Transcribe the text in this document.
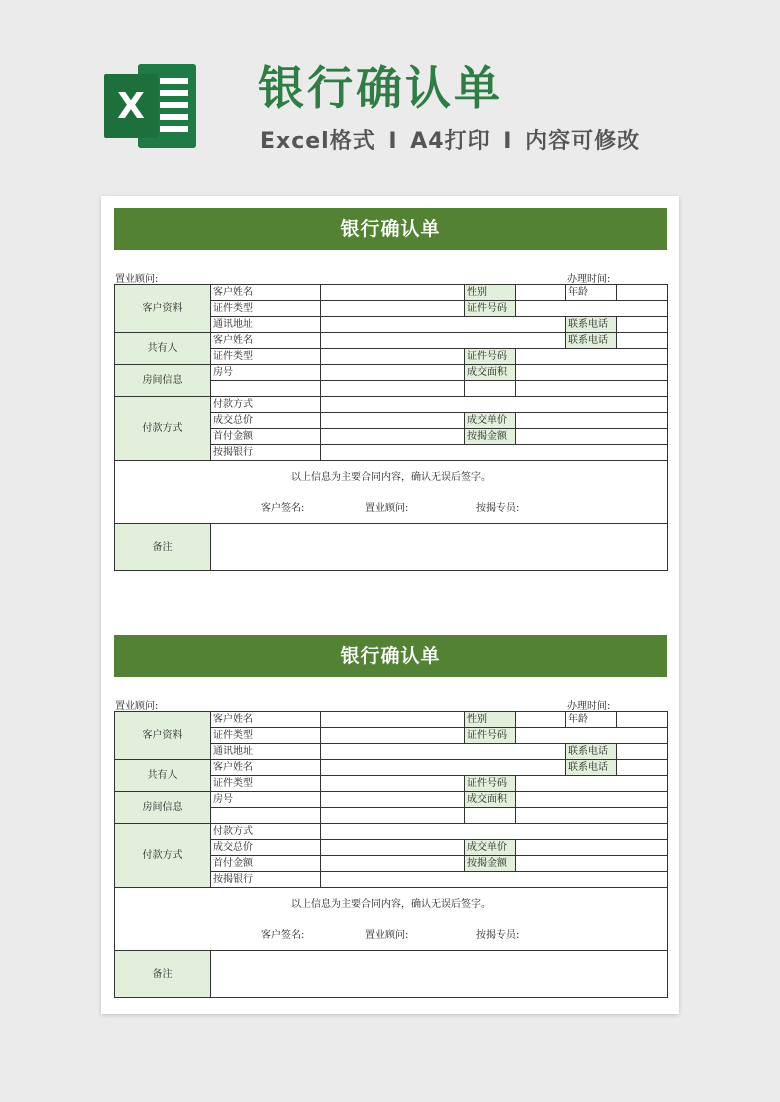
X 银行确认单

Excel格式 I A4打印 I 内容可修改

银行确认单
置业顾问:	办理时间:
客户资料	客户姓名		性别		年龄	
	证件类型		证件号码			
	通讯地址				联系电话	
共有人	客户姓名				联系电话	
	证件类型		证件号码			
房间信息	房号		成交面积			

付款方式	付款方式					
	成交总价		成交单价			
	首付金额		按揭金额			
	按揭银行					

以上信息为主要合同内容，确认无误后签字。
客户签名: 置业顾问: 按揭专员:						

备注						
银行确认单
置业顾问:	办理时间:
客户资料	客户姓名		性别		年龄	
	证件类型		证件号码			
	通讯地址				联系电话	
共有人	客户姓名				联系电话	
	证件类型		证件号码			
房间信息	房号		成交面积			

付款方式	付款方式					
	成交总价		成交单价			
	首付金额		按揭金额			
	按揭银行					

以上信息为主要合同内容，确认无误后签字。
客户签名: 置业顾问: 按揭专员:						

备注						
